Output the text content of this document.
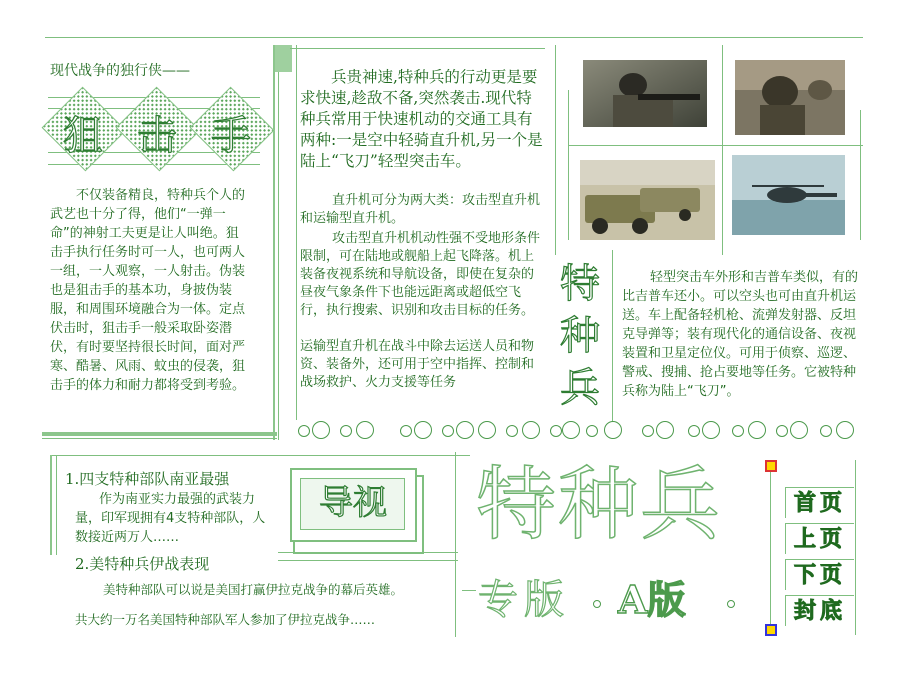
现代战争的独行侠——
狙 击 手
不仅装备精良，特种兵个人的武艺也十分了得，他们“一弹一命”的神射工夫更是让人叫绝。狙击手执行任务时可一人，也可两人一组，一人观察，一人射击。伪装也是狙击手的基本功，身披伪装服，和周围环境融合为一体。定点伏击时，狙击手一般采取卧姿潜伏，有时要坚持很长时间，面对严寒、酷暑、风雨、蚊虫的侵袭，狙击手的体力和耐力都将受到考验。
兵贵神速,特种兵的行动更是要求快速,趁敌不备,突然袭击.现代特种兵常用于快速机动的交通工具有两种:一是空中轻骑直升机,另一个是陆上“飞刀”轻型突击车。
直升机可分为两大类：攻击型直升机和运输型直升机。
攻击型直升机机动性强不受地形条件限制，可在陆地或舰船上起飞降落。机上装备夜视系统和导航设备，即使在复杂的昼夜气象条件下也能远距离或超低空飞行，执行搜索、识别和攻击目标的任务。
运输型直升机在战斗中除去运送人员和物资、装备外，还可用于空中指挥、控制和战场救护、火力支援等任务
特
种
兵
轻型突击车外形和吉普车类似，有的比吉普车还小。可以空头也可由直升机运送。车上配备轻机枪、流弹发射器、反坦克导弹等；装有现代化的通信设备、夜视装置和卫星定位仪。可用于侦察、巡逻、警戒、搜捕、抢占要地等任务。它被特种兵称为陆上“飞刀”。
1.四支特种部队南亚最强
作为南亚实力最强的武装力量，印军现拥有4支特种部队，人数接近两万人……
2.美特种兵伊战表现
美特种部队可以说是美国打赢伊拉克战争的幕后英雄。
共大约一万名美国特种部队军人参加了伊拉克战争……
导视 特种兵
专版 A版
首页
上页
下页
封底
